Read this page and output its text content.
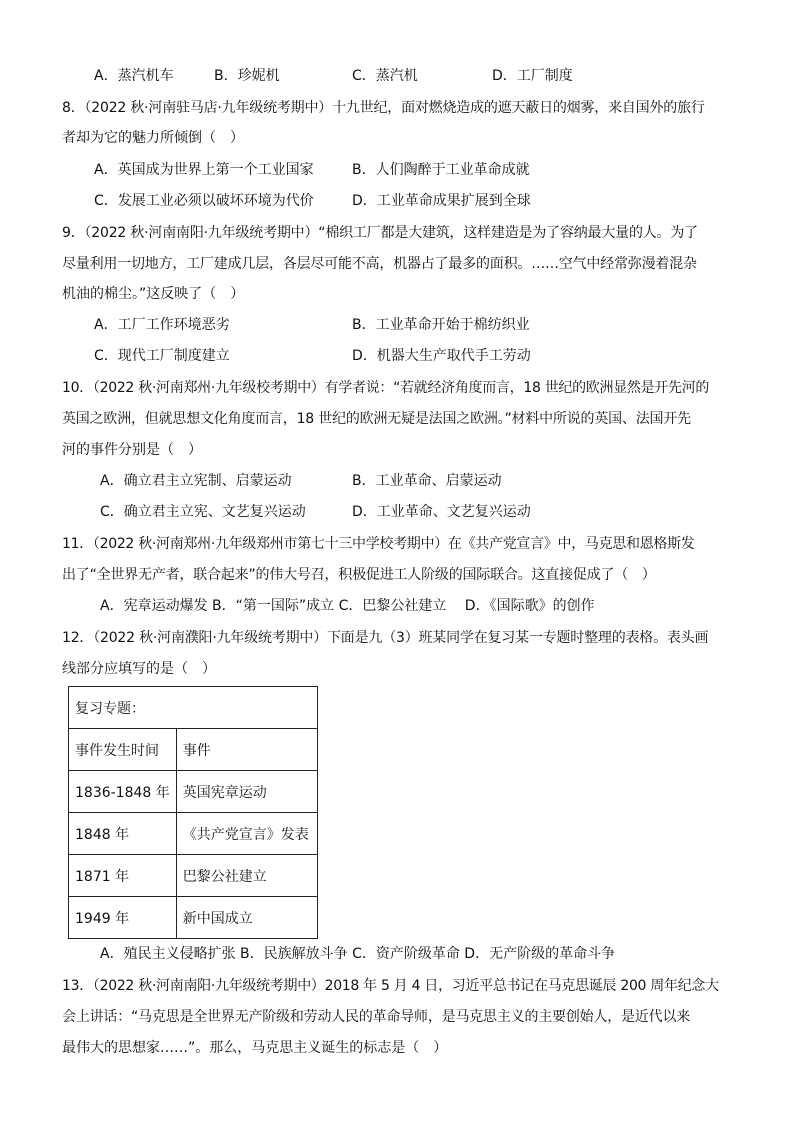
A．蒸汽机车	B．珍妮机	C．蒸汽机	D．工厂制度
8．（2022 秋·河南驻马店·九年级统考期中）十九世纪，面对燃烧造成的遮天蔽日的烟雾，来自国外的旅行
者却为它的魅力所倾倒（　）
A．英国成为世界上第一个工业国家	B．人们陶醉于工业革命成就
C．发展工业必须以破坏环境为代价	D．工业革命成果扩展到全球
9．（2022 秋·河南南阳·九年级统考期中）“棉织工厂都是大建筑，这样建造是为了容纳最大量的人。为了
尽量利用一切地方，工厂建成几层，各层尽可能不高，机器占了最多的面积。……空气中经常弥漫着混杂
机油的棉尘。”这反映了（　）
A．工厂工作环境恶劣	B．工业革命开始于棉纺织业
C．现代工厂制度建立	D．机器大生产取代手工劳动
10．（2022 秋·河南郑州·九年级校考期中）有学者说：“若就经济角度而言，18 世纪的欧洲显然是开先河的
英国之欧洲，但就思想文化角度而言，18 世纪的欧洲无疑是法国之欧洲。”材料中所说的英国、法国开先
河的事件分别是（　）
A．确立君主立宪制、启蒙运动	B．工业革命、启蒙运动
C．确立君主立宪、文艺复兴运动	D．工业革命、文艺复兴运动
11．（2022 秋·河南郑州·九年级郑州市第七十三中学校考期中）在《共产党宣言》中，马克思和恩格斯发
出了“全世界无产者，联合起来”的伟大号召，积极促进工人阶级的国际联合。这直接促成了（　）
A．宪章运动爆发 B．“第一国际”成立 C．巴黎公社建立　 D．《国际歌》的创作
12．（2022 秋·河南濮阳·九年级统考期中）下面是九（3）班某同学在复习某一专题时整理的表格。表头画
线部分应填写的是（　）
复习专题：	
事件发生时间	事件
1836-1848 年	英国宪章运动
1848 年	《共产党宣言》发表
1871 年	巴黎公社建立
1949 年	新中国成立
A．殖民主义侵略扩张 B．民族解放斗争 C．资产阶级革命 D．无产阶级的革命斗争
13．（2022 秋·河南南阳·九年级统考期中）2018 年 5 月 4 日，习近平总书记在马克思诞辰 200 周年纪念大
会上讲话：“马克思是全世界无产阶级和劳动人民的革命导师，是马克思主义的主要创始人，是近代以来
最伟大的思想家……”。那么，马克思主义诞生的标志是（　）
